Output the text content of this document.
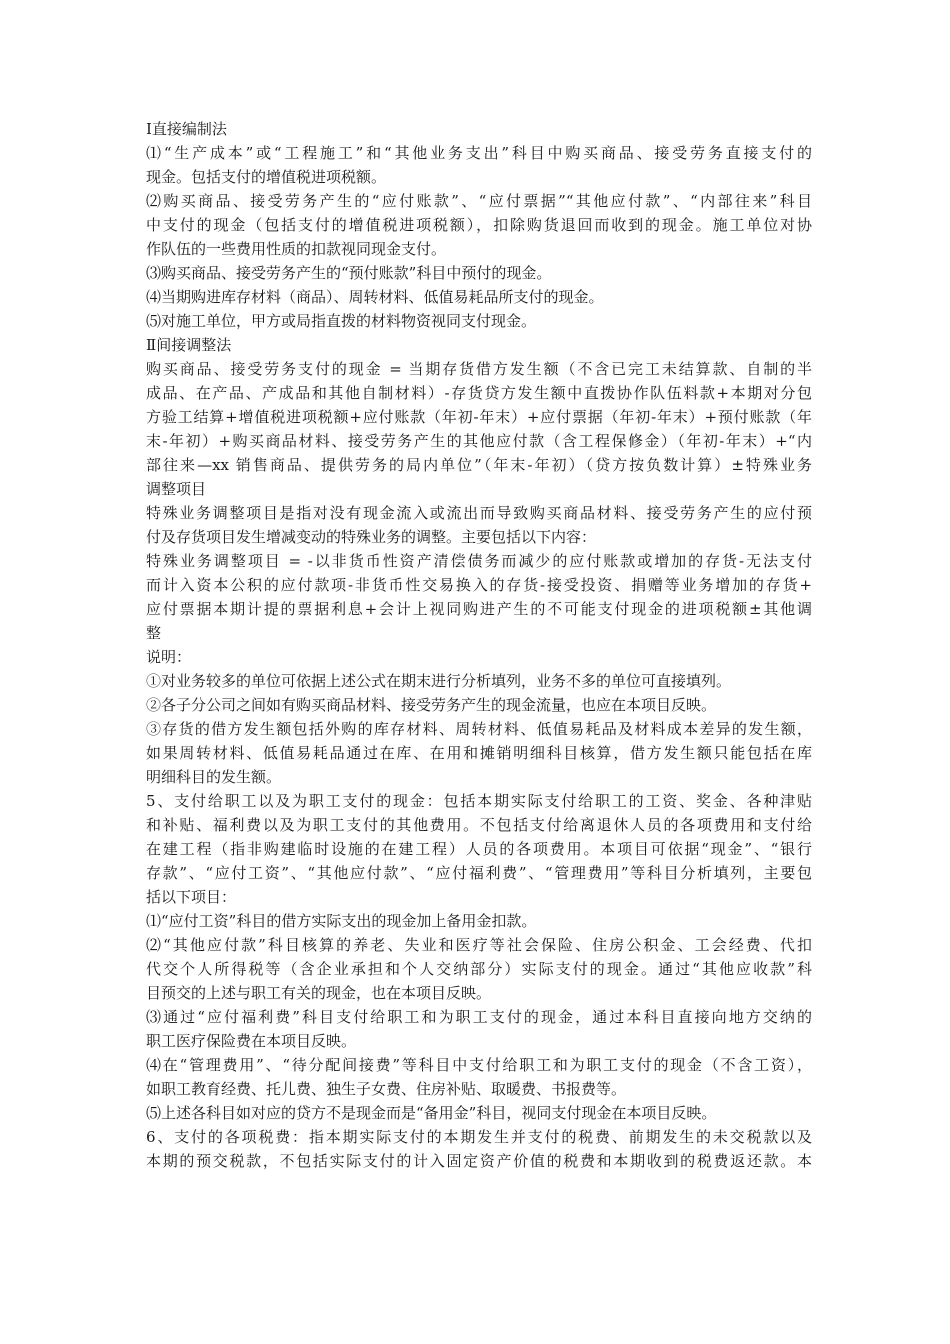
Ⅰ直接编制法
⑴“生产成本”或“工程施工”和“其他业务支出”科目中购买商品、接受劳务直接支付的
现金。包括支付的增值税进项税额。
⑵购买商品、接受劳务产生的“应付账款”、“应付票据”“其他应付款”、“内部往来”科目
中支付的现金（包括支付的增值税进项税额），扣除购货退回而收到的现金。施工单位对协
作队伍的一些费用性质的扣款视同现金支付。
⑶购买商品、接受劳务产生的“预付账款”科目中预付的现金。
⑷当期购进库存材料（商品）、周转材料、低值易耗品所支付的现金。
⑸对施工单位，甲方或局指直拨的材料物资视同支付现金。
Ⅱ间接调整法
购买商品、接受劳务支付的现金 = 当期存货借方发生额（不含已完工未结算款、自制的半
成品、在产品、产成品和其他自制材料）-存货贷方发生额中直拨协作队伍料款+本期对分包
方验工结算+增值税进项税额+应付账款（年初-年末）+应付票据（年初-年末）+预付账款（年
末-年初）+购买商品材料、接受劳务产生的其他应付款（含工程保修金）（年初-年末）+“内
部往来—xx 销售商品、提供劳务的局内单位”（年末-年初）（贷方按负数计算）±特殊业务
调整项目
特殊业务调整项目是指对没有现金流入或流出而导致购买商品材料、接受劳务产生的应付预
付及存货项目发生增减变动的特殊业务的调整。主要包括以下内容：
特殊业务调整项目 = -以非货币性资产清偿债务而减少的应付账款或增加的存货-无法支付
而计入资本公积的应付款项-非货币性交易换入的存货-接受投资、捐赠等业务增加的存货+
应付票据本期计提的票据利息+会计上视同购进产生的不可能支付现金的进项税额±其他调
整
说明：
①对业务较多的单位可依据上述公式在期末进行分析填列，业务不多的单位可直接填列。
②各子分公司之间如有购买商品材料、接受劳务产生的现金流量，也应在本项目反映。
③存货的借方发生额包括外购的库存材料、周转材料、低值易耗品及材料成本差异的发生额，
如果周转材料、低值易耗品通过在库、在用和摊销明细科目核算，借方发生额只能包括在库
明细科目的发生额。
5、支付给职工以及为职工支付的现金：包括本期实际支付给职工的工资、奖金、各种津贴
和补贴、福利费以及为职工支付的其他费用。不包括支付给离退休人员的各项费用和支付给
在建工程（指非购建临时设施的在建工程）人员的各项费用。本项目可依据“现金”、“银行
存款”、“应付工资”、“其他应付款”、“应付福利费”、“管理费用”等科目分析填列，主要包
括以下项目：
⑴“应付工资”科目的借方实际支出的现金加上备用金扣款。
⑵“其他应付款”科目核算的养老、失业和医疗等社会保险、住房公积金、工会经费、代扣
代交个人所得税等（含企业承担和个人交纳部分）实际支付的现金。通过“其他应收款”科
目预交的上述与职工有关的现金，也在本项目反映。
⑶通过“应付福利费”科目支付给职工和为职工支付的现金，通过本科目直接向地方交纳的
职工医疗保险费在本项目反映。
⑷在“管理费用”、“待分配间接费”等科目中支付给职工和为职工支付的现金（不含工资），
如职工教育经费、托儿费、独生子女费、住房补贴、取暖费、书报费等。
⑸上述各科目如对应的贷方不是现金而是“备用金”科目，视同支付现金在本项目反映。
6、支付的各项税费：指本期实际支付的本期发生并支付的税费、前期发生的未交税款以及
本期的预交税款，不包括实际支付的计入固定资产价值的税费和本期收到的税费返还款。本
